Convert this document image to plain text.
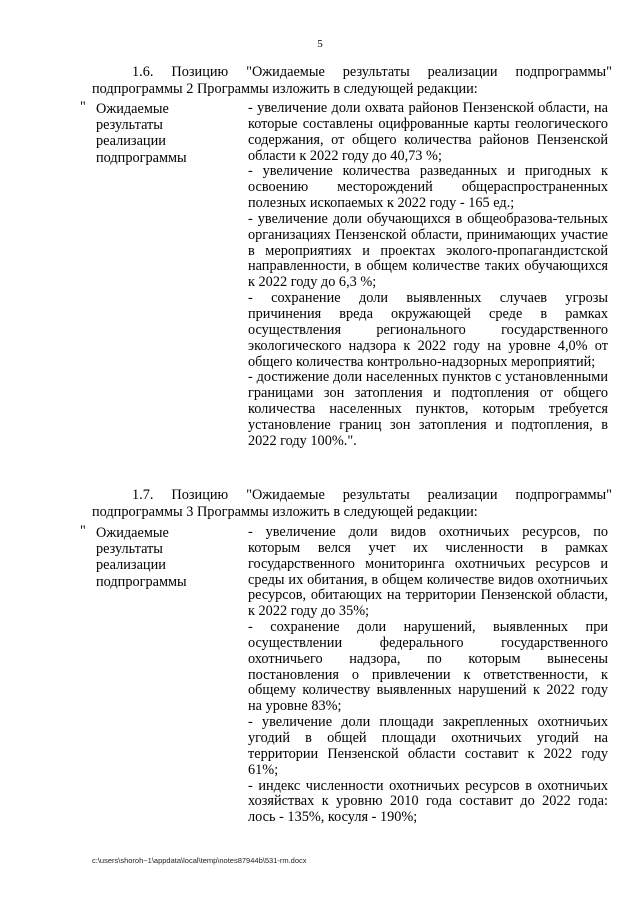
5
1.6. Позицию "Ожидаемые результаты реализации подпрограммы"
подпрограммы 2 Программы изложить в следующей редакции:
" Ожидаемые
результаты
реализации
подпрограммы

- увеличение доли охвата районов Пензенской области, на которые составлены оцифрованные карты геологического содержания, от общего количества районов Пензенской области к 2022 году до 40,73 %;

- увеличение количества разведанных и пригодных к освоению месторождений общераспространенных полезных ископаемых к 2022 году - 165 ед.;

- увеличение доли обучающихся в общеобразова-тельных организациях Пензенской области, принимающих участие в мероприятиях и проектах эколого-пропагандистской направленности, в общем количестве таких обучающихся к 2022 году до 6,3 %;

- сохранение доли выявленных случаев угрозы причинения вреда окружающей среде в рамках осуществления регионального государственного экологического надзора к 2022 году на уровне 4,0% от общего количества контрольно-надзорных мероприятий;

- достижение доли населенных пунктов с установленными границами зон затопления и подтопления от общего количества населенных пунктов, которым требуется установление границ зон затопления и подтопления, в 2022 году 100%.".

1.7. Позицию "Ожидаемые результаты реализации подпрограммы"
подпрограммы 3 Программы изложить в следующей редакции:
" Ожидаемые
результаты
реализации
подпрограммы

- увеличение доли видов охотничьих ресурсов, по которым велся учет их численности в рамках государственного мониторинга охотничьих ресурсов и среды их обитания, в общем количестве видов охотничьих ресурсов, обитающих на территории Пензенской области, к 2022 году до 35%;

- сохранение доли нарушений, выявленных при осуществлении федерального государственного охотничьего надзора, по которым вынесены постановления о привлечении к ответственности, к общему количеству выявленных нарушений к 2022 году на уровне 83%;

- увеличение доли площади закрепленных охотничьих угодий в общей площади охотничьих угодий на территории Пензенской области составит к 2022 году 61%;

- индекс численности охотничьих ресурсов в охотничьих хозяйствах к уровню 2010 года составит до 2022 года: лось - 135%, косуля - 190%;

c:\users\shoroh~1\appdata\local\temp\notes87944b\531-rm.docx
